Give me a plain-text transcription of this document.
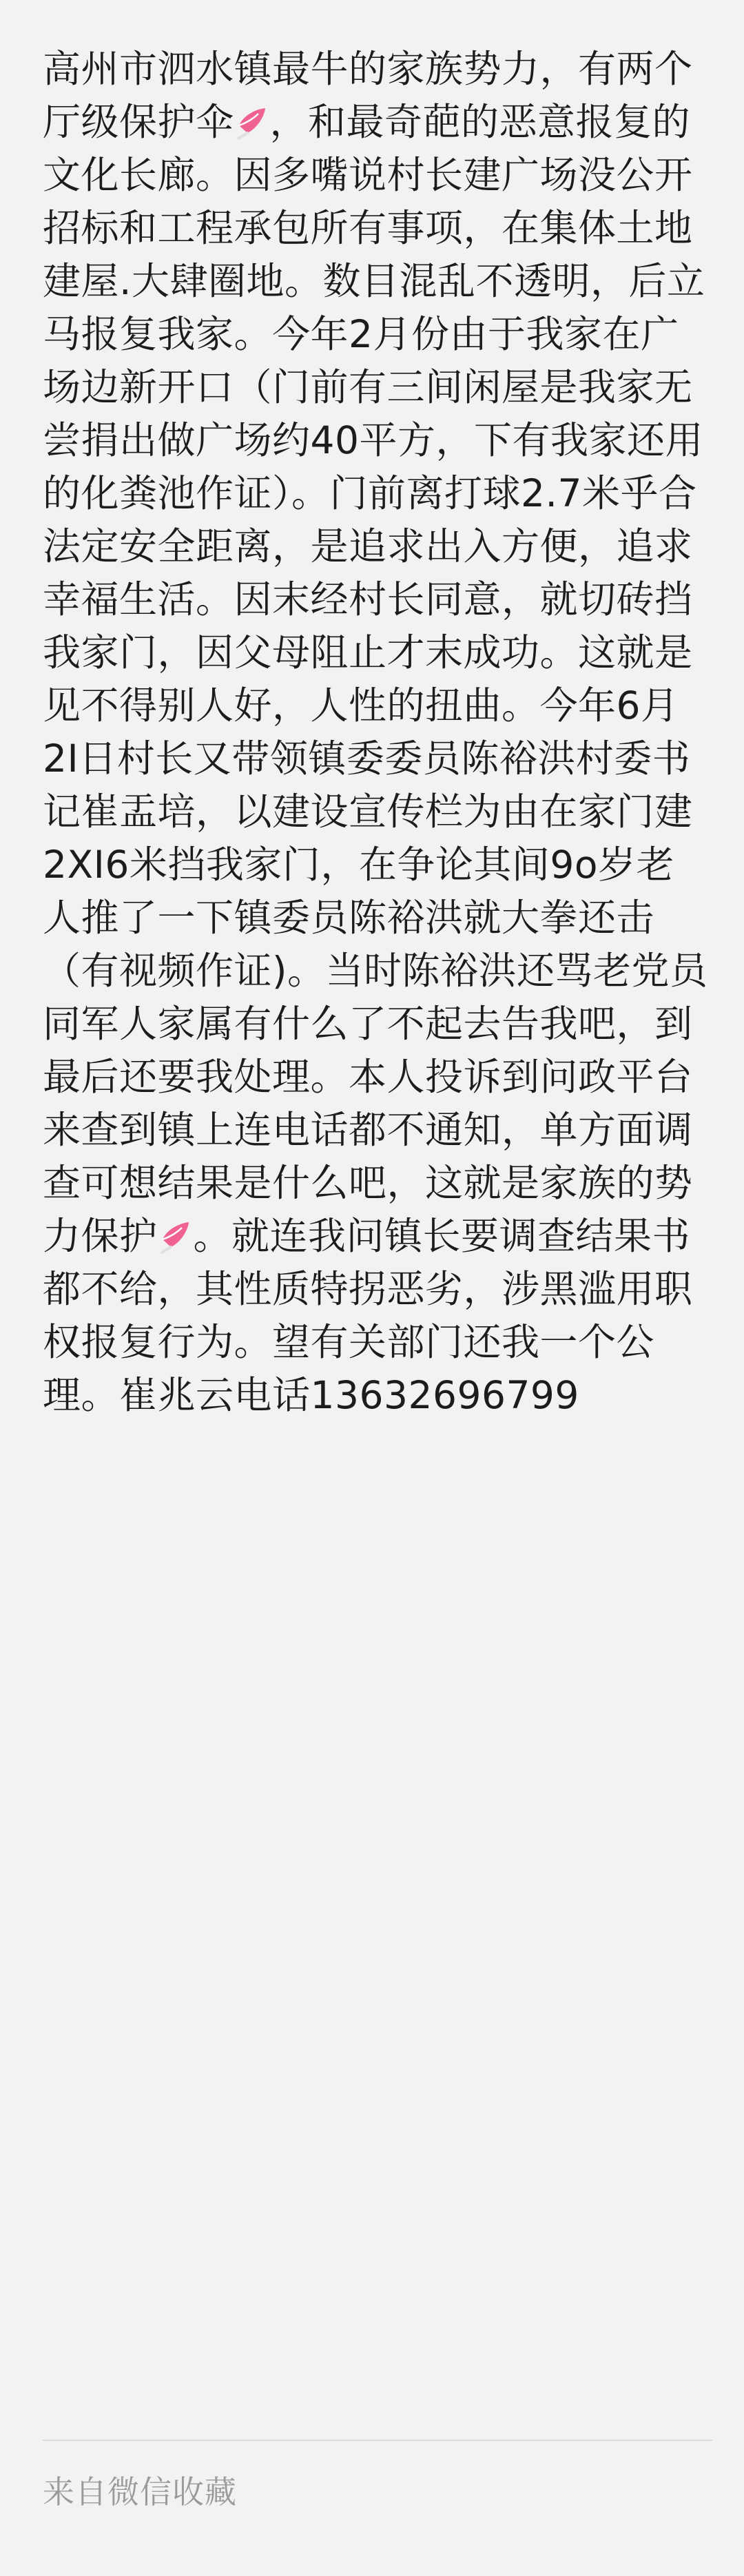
高州市泗水镇最牛的家族势力，有两个厅级保护伞 ，和最奇葩的恶意报复的文化长廊。因多嘴说村长建广场没公开招标和工程承包所有事项，在集体土地建屋.大肆圈地。数目混乱不透明，后立马报复我家。今年2月份由于我家在广场边新开口（门前有三间闲屋是我家无尝捐出做广场约40平方，下有我家还用的化粪池作证）。门前离打球2.7米乎合法定安全距离，是追求出入方便，追求幸福生活。因末经村长同意，就切砖挡我家门，因父母阻止才末成功。这就是见不得别人好，人性的扭曲。今年6月2I日村长又带领镇委委员陈裕洪村委书记崔盂培，以建设宣传栏为由在家门建2XI6米挡我家门，在争论其间9o岁老人推了一下镇委员陈裕洪就大拳还击（有视频作证)。当时陈裕洪还骂老党员同军人家属有什么了不起去告我吧，到最后还要我处理。本人投诉到问政平台来查到镇上连电话都不通知，单方面调查可想结果是什么吧，这就是家族的势力保护 。就连我问镇长要调查结果书都不给，其性质特拐恶劣，涉黑滥用职权报复行为。望有关部门还我一个公理。崔兆云电话13632696799
来自微信收藏
